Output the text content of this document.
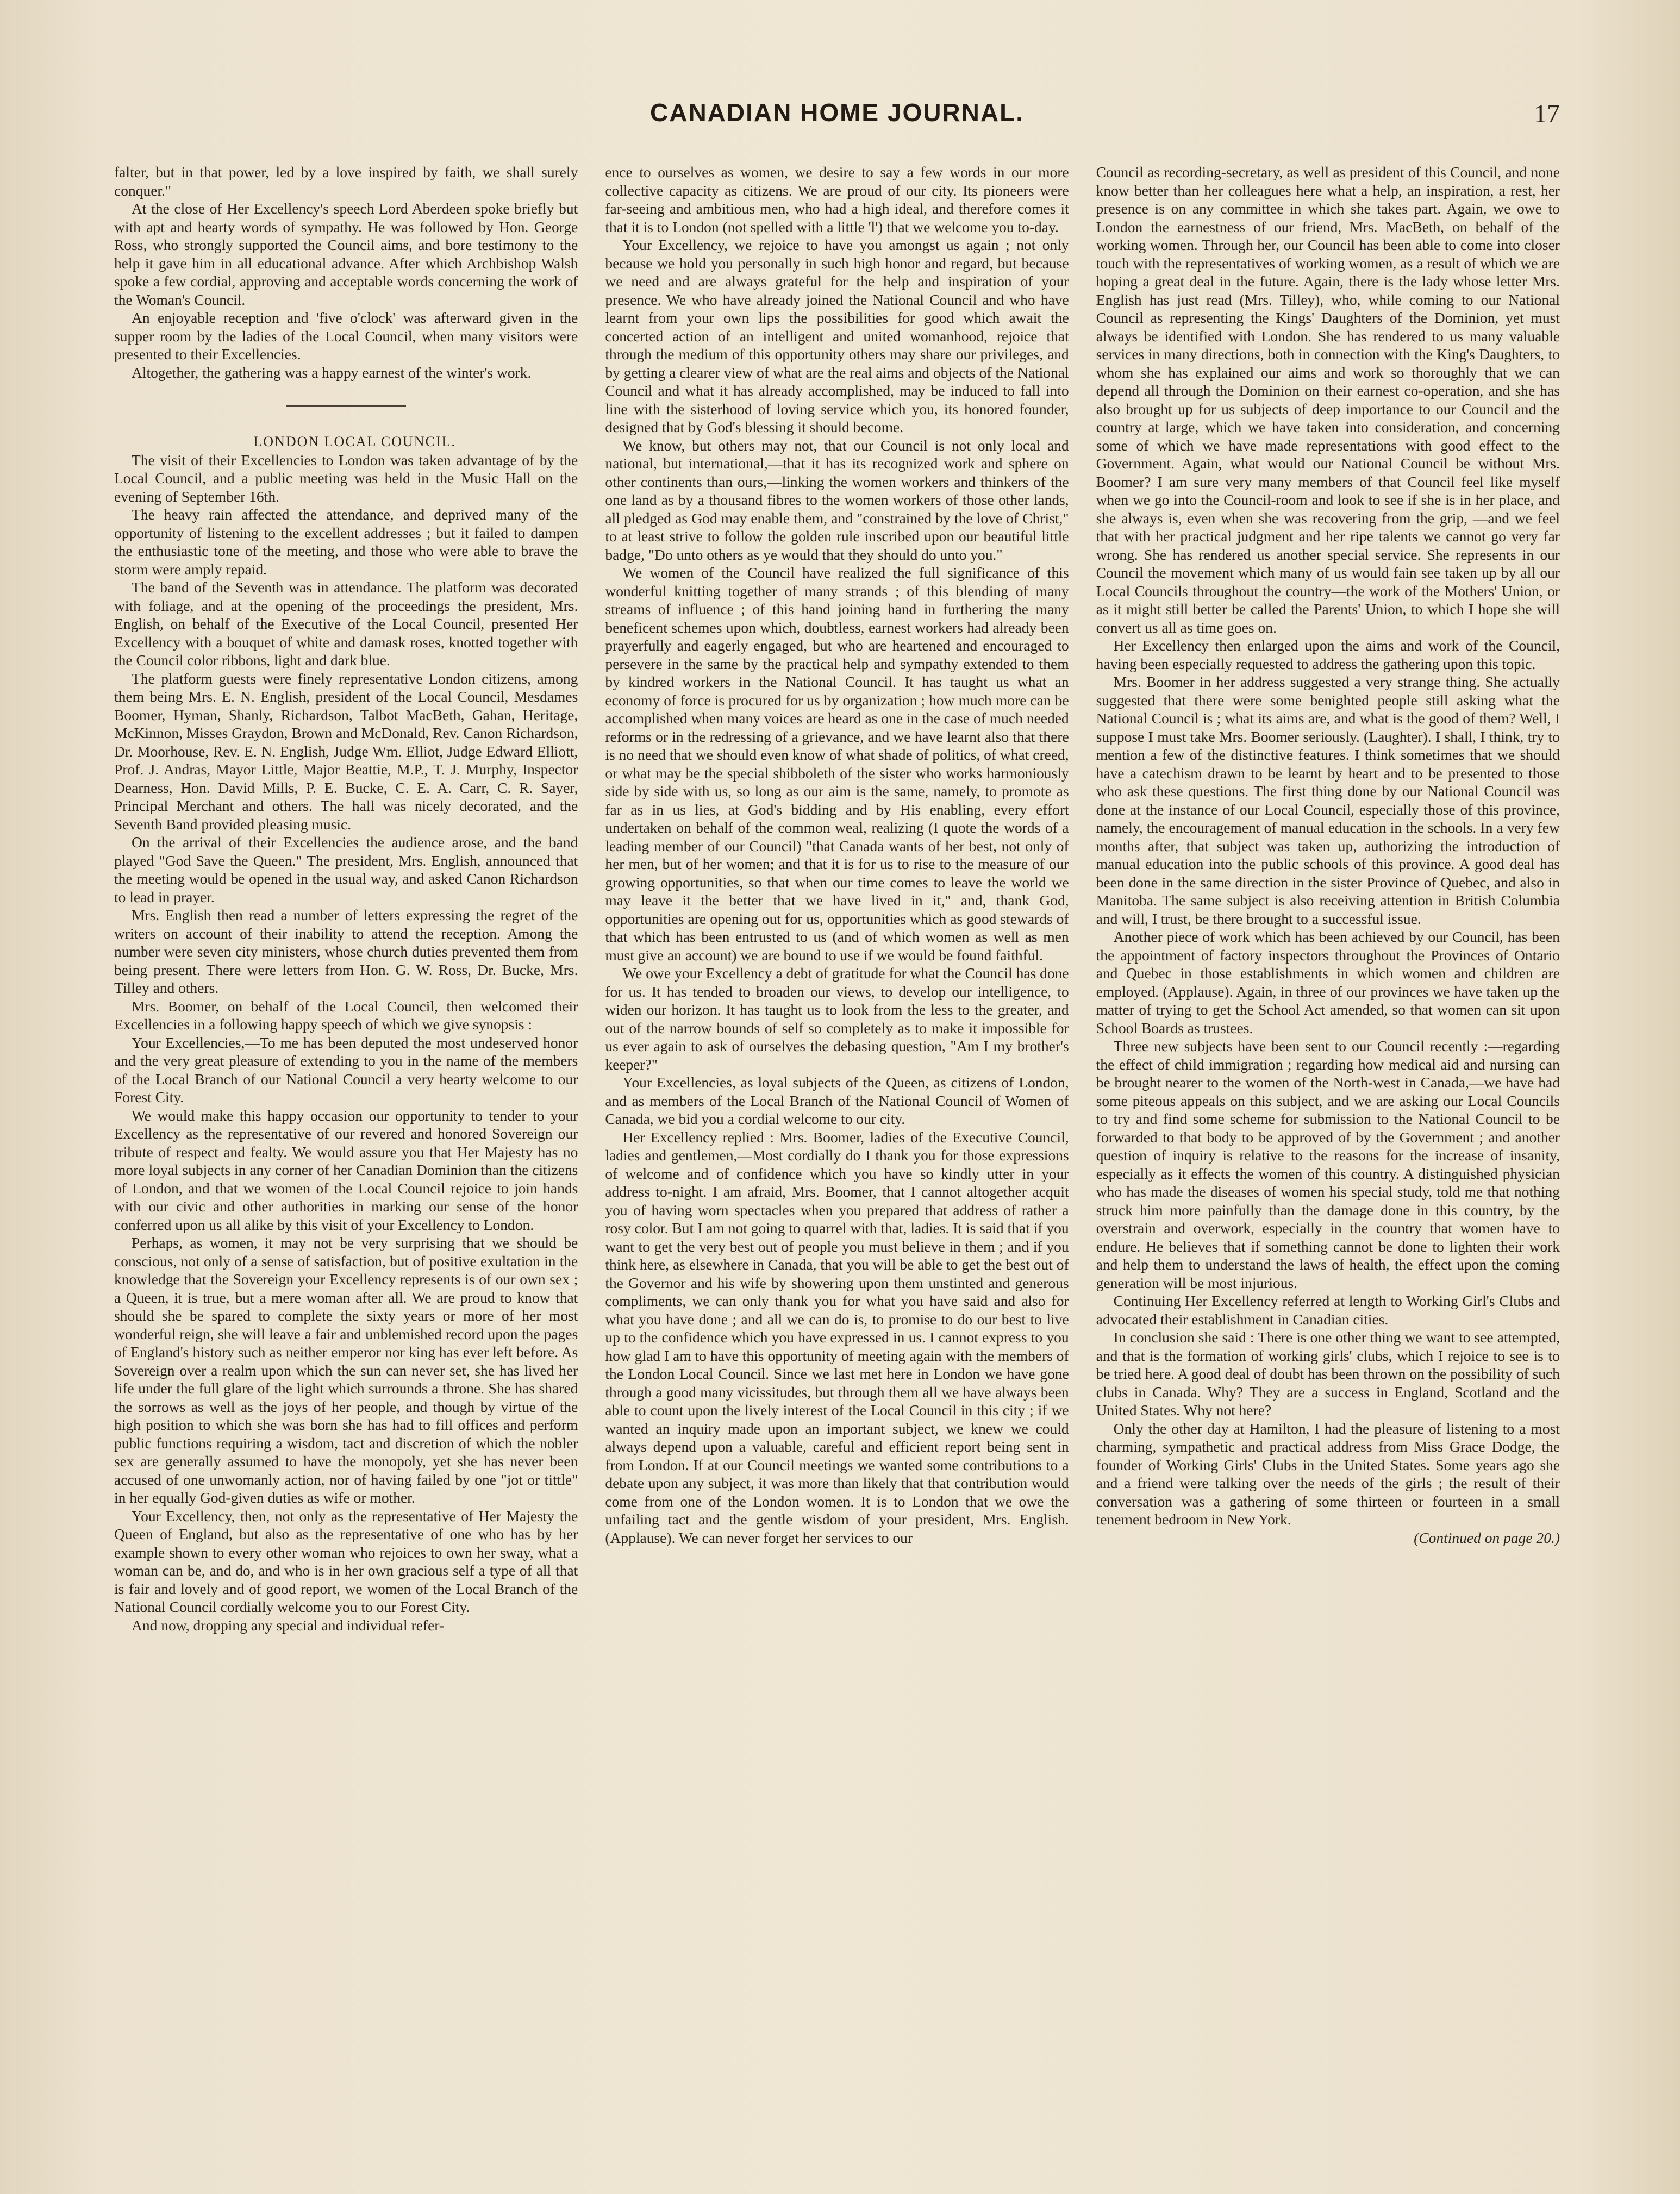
CANADIAN HOME JOURNAL.	17

falter, but in that power, led by a love inspired by faith, we shall surely conquer."

At the close of Her Excellency's speech Lord Aberdeen spoke briefly but with apt and hearty words of sympathy. He was followed by Hon. George Ross, who strongly supported the Council aims, and bore testimony to the help it gave him in all educational advance. After which Archbishop Walsh spoke a few cordial, approving and acceptable words concerning the work of the Woman's Council.

An enjoyable reception and 'five o'clock' was afterward given in the supper room by the ladies of the Local Council, when many visitors were presented to their Excellencies.

Altogether, the gathering was a happy earnest of the winter's work.

LONDON LOCAL COUNCIL.

The visit of their Excellencies to London was taken advantage of by the Local Council, and a public meeting was held in the Music Hall on the evening of September 16th.

The heavy rain affected the attendance, and deprived many of the opportunity of listening to the excellent addresses ; but it failed to dampen the enthusiastic tone of the meeting, and those who were able to brave the storm were amply repaid.

The band of the Seventh was in attendance. The platform was decorated with foliage, and at the opening of the proceedings the president, Mrs. English, on behalf of the Executive of the Local Council, presented Her Excellency with a bouquet of white and damask roses, knotted together with the Council color ribbons, light and dark blue.

The platform guests were finely representative London citizens, among them being Mrs. E. N. English, president of the Local Council, Mesdames Boomer, Hyman, Shanly, Richardson, Talbot MacBeth, Gahan, Heritage, McKinnon, Misses Graydon, Brown and McDonald, Rev. Canon Richardson, Dr. Moorhouse, Rev. E. N. English, Judge Wm. Elliot, Judge Edward Elliott, Prof. J. Andras, Mayor Little, Major Beattie, M.P., T. J. Murphy, Inspector Dearness, Hon. David Mills, P. E. Bucke, C. E. A. Carr, C. R. Sayer, Principal Merchant and others. The hall was nicely decorated, and the Seventh Band provided pleasing music.

On the arrival of their Excellencies the audience arose, and the band played "God Save the Queen." The president, Mrs. English, announced that the meeting would be opened in the usual way, and asked Canon Richardson to lead in prayer.

Mrs. English then read a number of letters expressing the regret of the writers on account of their inability to attend the reception. Among the number were seven city ministers, whose church duties prevented them from being present. There were letters from Hon. G. W. Ross, Dr. Bucke, Mrs. Tilley and others.

Mrs. Boomer, on behalf of the Local Council, then welcomed their Excellencies in a following happy speech of which we give synopsis :

Your Excellencies,—To me has been deputed the most undeserved honor and the very great pleasure of extending to you in the name of the members of the Local Branch of our National Council a very hearty welcome to our Forest City.

We would make this happy occasion our opportunity to tender to your Excellency as the representative of our revered and honored Sovereign our tribute of respect and fealty. We would assure you that Her Majesty has no more loyal subjects in any corner of her Canadian Dominion than the citizens of London, and that we women of the Local Council rejoice to join hands with our civic and other authorities in marking our sense of the honor conferred upon us all alike by this visit of your Excellency to London.

Perhaps, as women, it may not be very surprising that we should be conscious, not only of a sense of satisfaction, but of positive exultation in the knowledge that the Sovereign your Excellency represents is of our own sex ; a Queen, it is true, but a mere woman after all. We are proud to know that should she be spared to complete the sixty years or more of her most wonderful reign, she will leave a fair and unblemished record upon the pages of England's history such as neither emperor nor king has ever left before. As Sovereign over a realm upon which the sun can never set, she has lived her life under the full glare of the light which surrounds a throne. She has shared the sorrows as well as the joys of her people, and though by virtue of the high position to which she was born she has had to fill offices and perform public functions requiring a wisdom, tact and discretion of which the nobler sex are generally assumed to have the monopoly, yet she has never been accused of one unwomanly action, nor of having failed by one "jot or tittle" in her equally God-given duties as wife or mother.

Your Excellency, then, not only as the representative of Her Majesty the Queen of England, but also as the representative of one who has by her example shown to every other woman who rejoices to own her sway, what a woman can be, and do, and who is in her own gracious self a type of all that is fair and lovely and of good report, we women of the Local Branch of the National Council cordially welcome you to our Forest City.

And now, dropping any special and individual refer-

ence to ourselves as women, we desire to say a few words in our more collective capacity as citizens. We are proud of our city. Its pioneers were far-seeing and ambitious men, who had a high ideal, and therefore comes it that it is to London (not spelled with a little 'l') that we welcome you to-day.

Your Excellency, we rejoice to have you amongst us again ; not only because we hold you personally in such high honor and regard, but because we need and are always grateful for the help and inspiration of your presence. We who have already joined the National Council and who have learnt from your own lips the possibilities for good which await the concerted action of an intelligent and united womanhood, rejoice that through the medium of this opportunity others may share our privileges, and by getting a clearer view of what are the real aims and objects of the National Council and what it has already accomplished, may be induced to fall into line with the sisterhood of loving service which you, its honored founder, designed that by God's blessing it should become.

We know, but others may not, that our Council is not only local and national, but international,—that it has its recognized work and sphere on other continents than ours,—linking the women workers and thinkers of the one land as by a thousand fibres to the women workers of those other lands, all pledged as God may enable them, and "constrained by the love of Christ," to at least strive to follow the golden rule inscribed upon our beautiful little badge, "Do unto others as ye would that they should do unto you."

We women of the Council have realized the full significance of this wonderful knitting together of many strands ; of this blending of many streams of influence ; of this hand joining hand in furthering the many beneficent schemes upon which, doubtless, earnest workers had already been prayerfully and eagerly engaged, but who are heartened and encouraged to persevere in the same by the practical help and sympathy extended to them by kindred workers in the National Council. It has taught us what an economy of force is procured for us by organization ; how much more can be accomplished when many voices are heard as one in the case of much needed reforms or in the redressing of a grievance, and we have learnt also that there is no need that we should even know of what shade of politics, of what creed, or what may be the special shibboleth of the sister who works harmoniously side by side with us, so long as our aim is the same, namely, to promote as far as in us lies, at God's bidding and by His enabling, every effort undertaken on behalf of the common weal, realizing (I quote the words of a leading member of our Council) "that Canada wants of her best, not only of her men, but of her women; and that it is for us to rise to the measure of our growing opportunities, so that when our time comes to leave the world we may leave it the better that we have lived in it," and, thank God, opportunities are opening out for us, opportunities which as good stewards of that which has been entrusted to us (and of which women as well as men must give an account) we are bound to use if we would be found faithful.

We owe your Excellency a debt of gratitude for what the Council has done for us. It has tended to broaden our views, to develop our intelligence, to widen our horizon. It has taught us to look from the less to the greater, and out of the narrow bounds of self so completely as to make it impossible for us ever again to ask of ourselves the debasing question, "Am I my brother's keeper?"

Your Excellencies, as loyal subjects of the Queen, as citizens of London, and as members of the Local Branch of the National Council of Women of Canada, we bid you a cordial welcome to our city.

Her Excellency replied : Mrs. Boomer, ladies of the Executive Council, ladies and gentlemen,—Most cordially do I thank you for those expressions of welcome and of confidence which you have so kindly utter in your address to-night. I am afraid, Mrs. Boomer, that I cannot altogether acquit you of having worn spectacles when you prepared that address of rather a rosy color. But I am not going to quarrel with that, ladies. It is said that if you want to get the very best out of people you must believe in them ; and if you think here, as elsewhere in Canada, that you will be able to get the best out of the Governor and his wife by showering upon them unstinted and generous compliments, we can only thank you for what you have said and also for what you have done ; and all we can do is, to promise to do our best to live up to the confidence which you have expressed in us. I cannot express to you how glad I am to have this opportunity of meeting again with the members of the London Local Council. Since we last met here in London we have gone through a good many vicissitudes, but through them all we have always been able to count upon the lively interest of the Local Council in this city ; if we wanted an inquiry made upon an important subject, we knew we could always depend upon a valuable, careful and efficient report being sent in from London. If at our Council meetings we wanted some contributions to a debate upon any subject, it was more than likely that that contribution would come from one of the London women. It is to London that we owe the unfailing tact and the gentle wisdom of your president, Mrs. English. (Applause). We can never forget her services to our

Council as recording-secretary, as well as president of this Council, and none know better than her colleagues here what a help, an inspiration, a rest, her presence is on any committee in which she takes part. Again, we owe to London the earnestness of our friend, Mrs. MacBeth, on behalf of the working women. Through her, our Council has been able to come into closer touch with the representatives of working women, as a result of which we are hoping a great deal in the future. Again, there is the lady whose letter Mrs. English has just read (Mrs. Tilley), who, while coming to our National Council as representing the Kings' Daughters of the Dominion, yet must always be identified with London. She has rendered to us many valuable services in many directions, both in connection with the King's Daughters, to whom she has explained our aims and work so thoroughly that we can depend all through the Dominion on their earnest co-operation, and she has also brought up for us subjects of deep importance to our Council and the country at large, which we have taken into consideration, and concerning some of which we have made representations with good effect to the Government. Again, what would our National Council be without Mrs. Boomer? I am sure very many members of that Council feel like myself when we go into the Council-room and look to see if she is in her place, and she always is, even when she was recovering from the grip, —and we feel that with her practical judgment and her ripe talents we cannot go very far wrong. She has rendered us another special service. She represents in our Council the movement which many of us would fain see taken up by all our Local Councils throughout the country—the work of the Mothers' Union, or as it might still better be called the Parents' Union, to which I hope she will convert us all as time goes on.

Her Excellency then enlarged upon the aims and work of the Council, having been especially requested to address the gathering upon this topic.

Mrs. Boomer in her address suggested a very strange thing. She actually suggested that there were some benighted people still asking what the National Council is ; what its aims are, and what is the good of them? Well, I suppose I must take Mrs. Boomer seriously. (Laughter). I shall, I think, try to mention a few of the distinctive features. I think sometimes that we should have a catechism drawn to be learnt by heart and to be presented to those who ask these questions. The first thing done by our National Council was done at the instance of our Local Council, especially those of this province, namely, the encouragement of manual education in the schools. In a very few months after, that subject was taken up, authorizing the introduction of manual education into the public schools of this province. A good deal has been done in the same direction in the sister Province of Quebec, and also in Manitoba. The same subject is also receiving attention in British Columbia and will, I trust, be there brought to a successful issue.

Another piece of work which has been achieved by our Council, has been the appointment of factory inspectors throughout the Provinces of Ontario and Quebec in those establishments in which women and children are employed. (Applause). Again, in three of our provinces we have taken up the matter of trying to get the School Act amended, so that women can sit upon School Boards as trustees.

Three new subjects have been sent to our Council recently :—regarding the effect of child immigration ; regarding how medical aid and nursing can be brought nearer to the women of the North-west in Canada,—we have had some piteous appeals on this subject, and we are asking our Local Councils to try and find some scheme for submission to the National Council to be forwarded to that body to be approved of by the Government ; and another question of inquiry is relative to the reasons for the increase of insanity, especially as it effects the women of this country. A distinguished physician who has made the diseases of women his special study, told me that nothing struck him more painfully than the damage done in this country, by the overstrain and overwork, especially in the country that women have to endure. He believes that if something cannot be done to lighten their work and help them to understand the laws of health, the effect upon the coming generation will be most injurious.

Continuing Her Excellency referred at length to Working Girl's Clubs and advocated their establishment in Canadian cities.

In conclusion she said : There is one other thing we want to see attempted, and that is the formation of working girls' clubs, which I rejoice to see is to be tried here. A good deal of doubt has been thrown on the possibility of such clubs in Canada. Why? They are a success in England, Scotland and the United States. Why not here?

Only the other day at Hamilton, I had the pleasure of listening to a most charming, sympathetic and practical address from Miss Grace Dodge, the founder of Working Girls' Clubs in the United States. Some years ago she and a friend were talking over the needs of the girls ; the result of their conversation was a gathering of some thirteen or fourteen in a small tenement bedroom in New York.

(Continued on page 20.)
